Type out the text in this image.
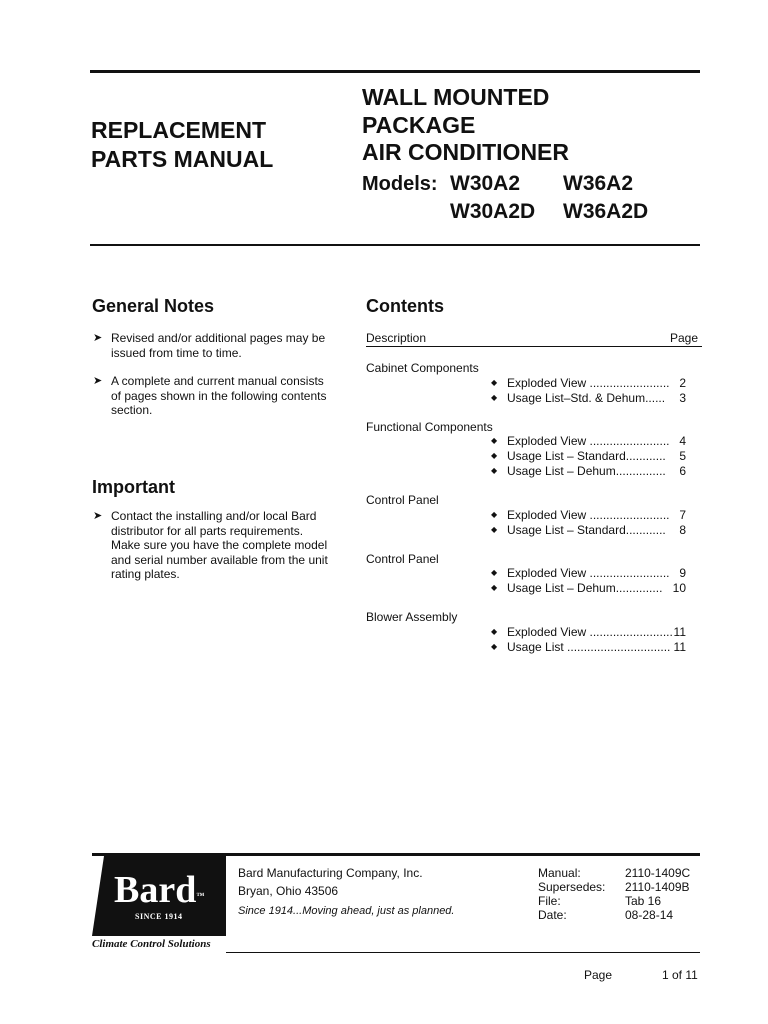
REPLACEMENT
PARTS MANUAL
WALL MOUNTED
PACKAGE
AIR CONDITIONER
Models: W30A2 W36A2
W30A2D W36A2D
General Notes
➤ Revised and/or additional pages may be issued from time to time.
➤ A complete and current manual consists of pages shown in the following contents section.
Important
➤ Contact the installing and/or local Bard distributor for all parts requirements. Make sure you have the complete model and serial number available from the unit rating plates.
Contents
Description	Page
Cabinet Components
◆ Exploded View ........................ 2
◆ Usage List–Std. & Dehum...... 3
Functional Components
◆ Exploded View ........................ 4
◆ Usage List – Standard............ 5
◆ Usage List – Dehum............... 6
Control Panel
◆ Exploded View ........................ 7
◆ Usage List – Standard............ 8
Control Panel
◆ Exploded View ........................ 9
◆ Usage List – Dehum.............. 10
Blower Assembly
◆ Exploded View ......................... 11
◆ Usage List ............................... 11
Bard™
SINCE 1914
Climate Control Solutions
Bard Manufacturing Company, Inc.
Bryan, Ohio 43506
Since 1914...Moving ahead, just as planned.
Manual:	2110-1409C
Supersedes: 2110-1409B
File:	Tab 16
Date:	08-28-14
Page	1 of 11
